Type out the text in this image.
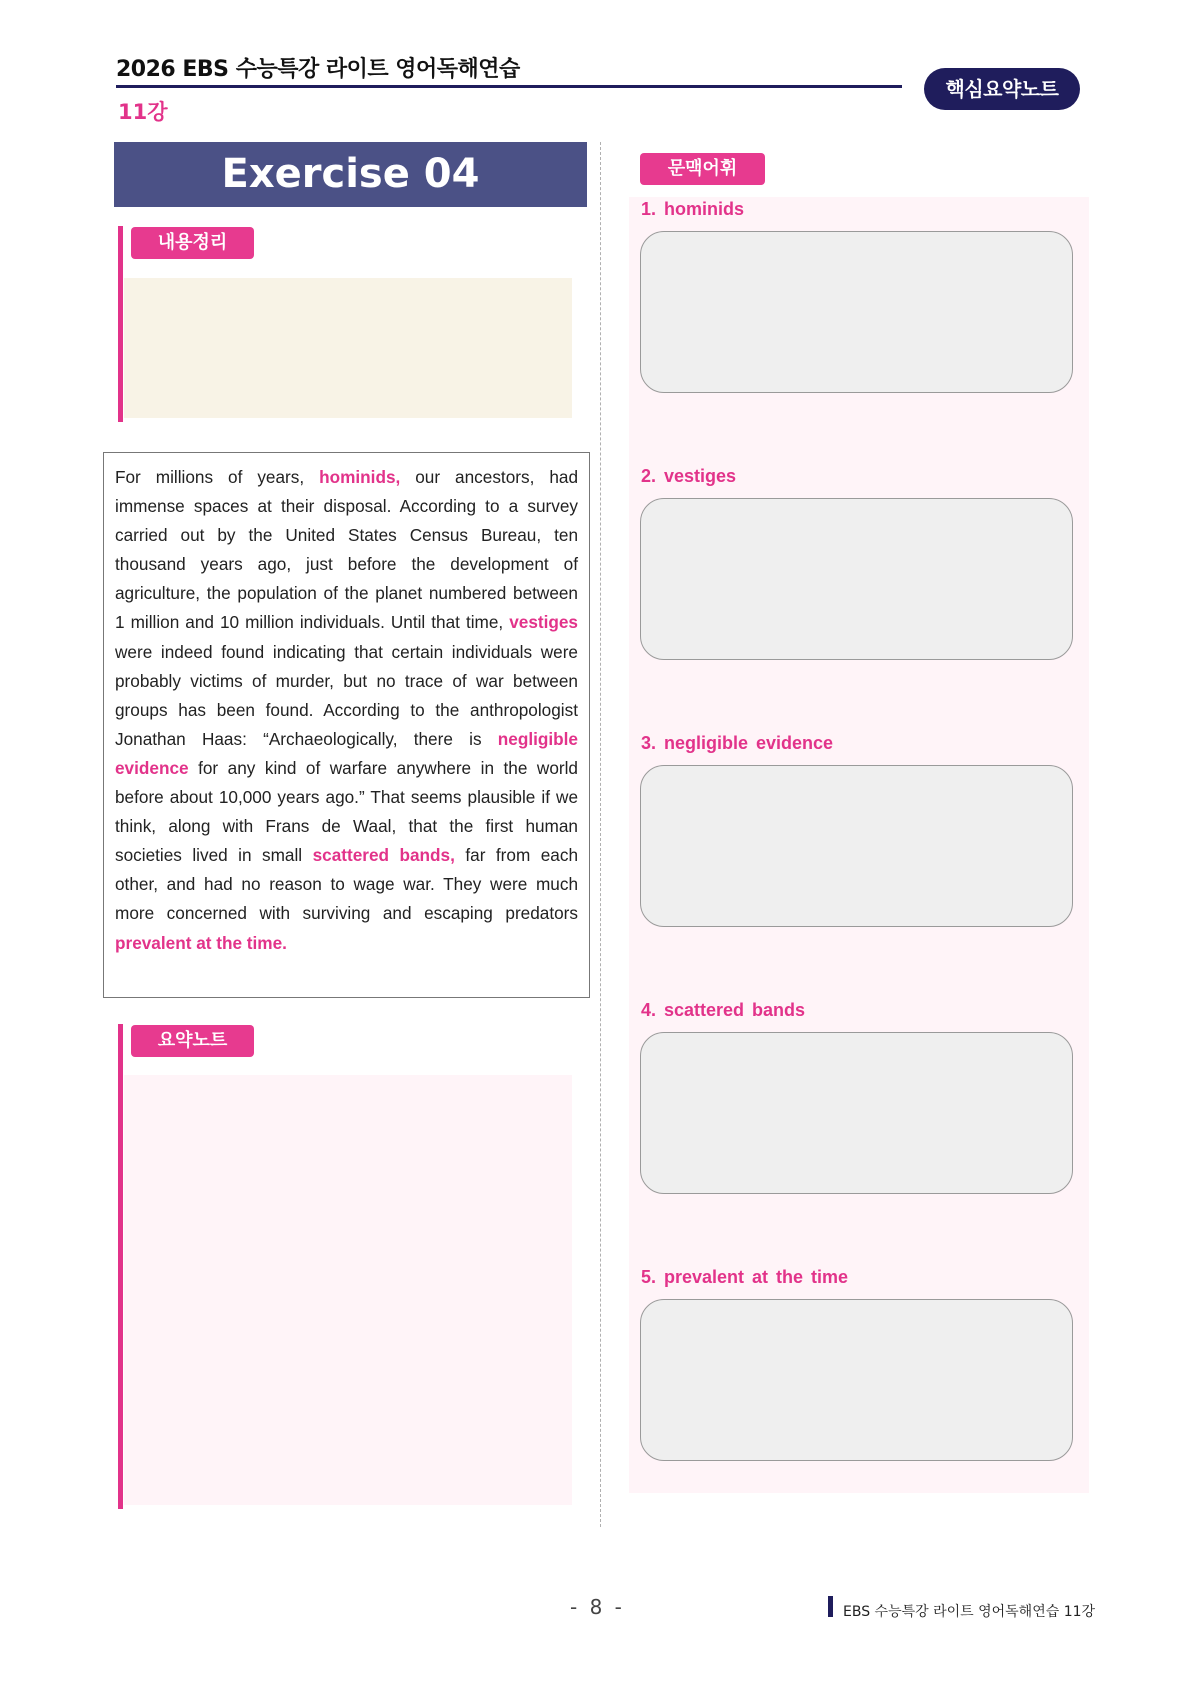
2026 EBS 수능특강 라이트 영어독해연습
11강
핵심요약노트
Exercise 04
내용정리
For millions of years, hominids, our ancestors, had immense spaces at their disposal. According to a survey carried out by the United States Census Bureau, ten thousand years ago, just before the development of agriculture, the population of the planet numbered between 1 million and 10 million individuals. Until that time, vestiges were indeed found indicating that certain individuals were probably victims of murder, but no trace of war between groups has been found. According to the anthropologist Jonathan Haas: “Archaeologically, there is negligible evidence for any kind of warfare anywhere in the world before about 10,000 years ago.” That seems plausible if we think, along with Frans de Waal, that the first human societies lived in small scattered bands, far from each other, and had no reason to wage war. They were much more concerned with surviving and escaping predators prevalent at the time.
요약노트
문맥어휘
1. hominids
2. vestiges
3. negligible evidence
4. scattered bands
5. prevalent at the time
- 8 -	EBS 수능특강 라이트 영어독해연습 11강
